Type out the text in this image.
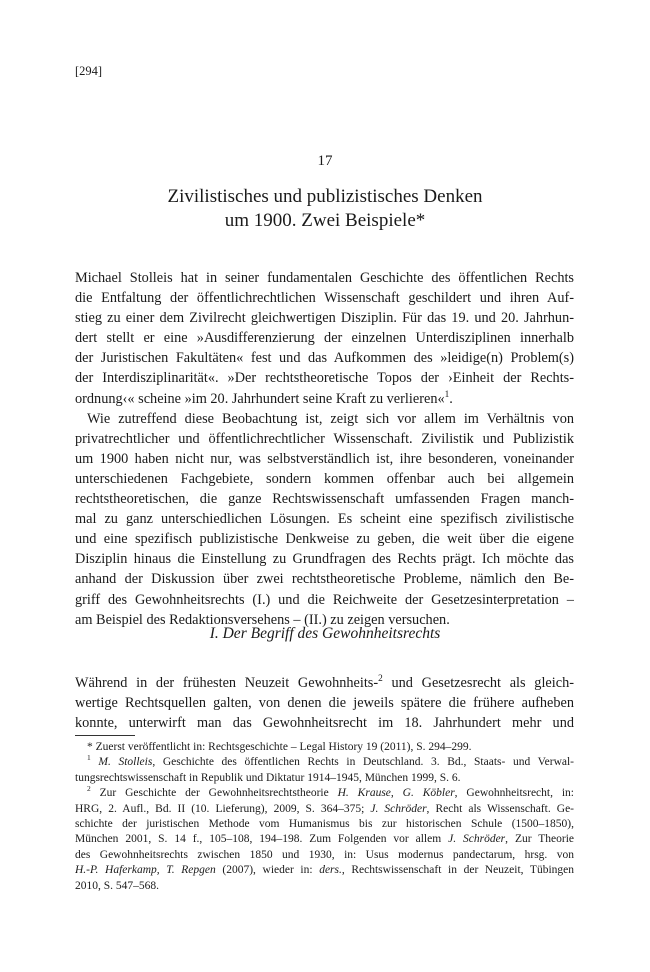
[294]
17
Zivilistisches und publizistisches Denken
um 1900. Zwei Beispiele*
Michael Stolleis hat in seiner fundamentalen Geschichte des öffentlichen Rechts
die Entfaltung der öffentlichrechtlichen Wissenschaft geschildert und ihren Auf-
stieg zu einer dem Zivilrecht gleichwertigen Disziplin. Für das 19. und 20. Jahrhun-
dert stellt er eine »Ausdifferenzierung der einzelnen Unterdisziplinen innerhalb
der Juristischen Fakultäten« fest und das Aufkommen des »leidige(n) Problem(s)
der Interdisziplinarität«. »Der rechtstheoretische Topos der ›Einheit der Rechts-
ordnung‹« scheine »im 20. Jahrhundert seine Kraft zu verlieren«$^1$.
Wie zutreffend diese Beobachtung ist, zeigt sich vor allem im Verhältnis von
privatrechtlicher und öffentlichrechtlicher Wissenschaft. Zivilistik und Publizistik
um 1900 haben nicht nur, was selbstverständlich ist, ihre besonderen, voneinander
unterschiedenen Fachgebiete, sondern kommen offenbar auch bei allgemein
rechtstheoretischen, die ganze Rechtswissenschaft umfassenden Fragen manch-
mal zu ganz unterschiedlichen Lösungen. Es scheint eine spezifisch zivilistische
und eine spezifisch publizistische Denkweise zu geben, die weit über die eigene
Disziplin hinaus die Einstellung zu Grundfragen des Rechts prägt. Ich möchte das
anhand der Diskussion über zwei rechtstheoretische Probleme, nämlich den Be-
griff des Gewohnheitsrechts (I.) und die Reichweite der Gesetzesinterpretation –
am Beispiel des Redaktionsversehens – (II.) zu zeigen versuchen.
I. Der Begriff des Gewohnheitsrechts
Während in der frühesten Neuzeit Gewohnheits-$^2$ und Gesetzesrecht als gleich-
wertige Rechtsquellen galten, von denen die jeweils spätere die frühere aufheben
konnte, unterwirft man das Gewohnheitsrecht im 18. Jahrhundert mehr und
* Zuerst veröffentlicht in: Rechtsgeschichte – Legal History 19 (2011), S. 294–299.
$^1$ M. Stolleis, Geschichte des öffentlichen Rechts in Deutschland. 3. Bd., Staats- und Verwal-
tungsrechtswissenschaft in Republik und Diktatur 1914–1945, München 1999, S. 6.
$^2$ Zur Geschichte der Gewohnheitsrechtstheorie H. Krause, G. Köbler, Gewohnheitsrecht, in:
HRG, 2. Aufl., Bd. II (10. Lieferung), 2009, S. 364–375; J. Schröder, Recht als Wissenschaft. Ge-
schichte der juristischen Methode vom Humanismus bis zur historischen Schule (1500–1850),
München 2001, S. 14 f., 105–108, 194–198. Zum Folgenden vor allem J. Schröder, Zur Theorie
des Gewohnheitsrechts zwischen 1850 und 1930, in: Usus modernus pandectarum, hrsg. von
H.-P. Haferkamp, T. Repgen (2007), wieder in: ders., Rechtswissenschaft in der Neuzeit, Tübingen
2010, S. 547–568.
